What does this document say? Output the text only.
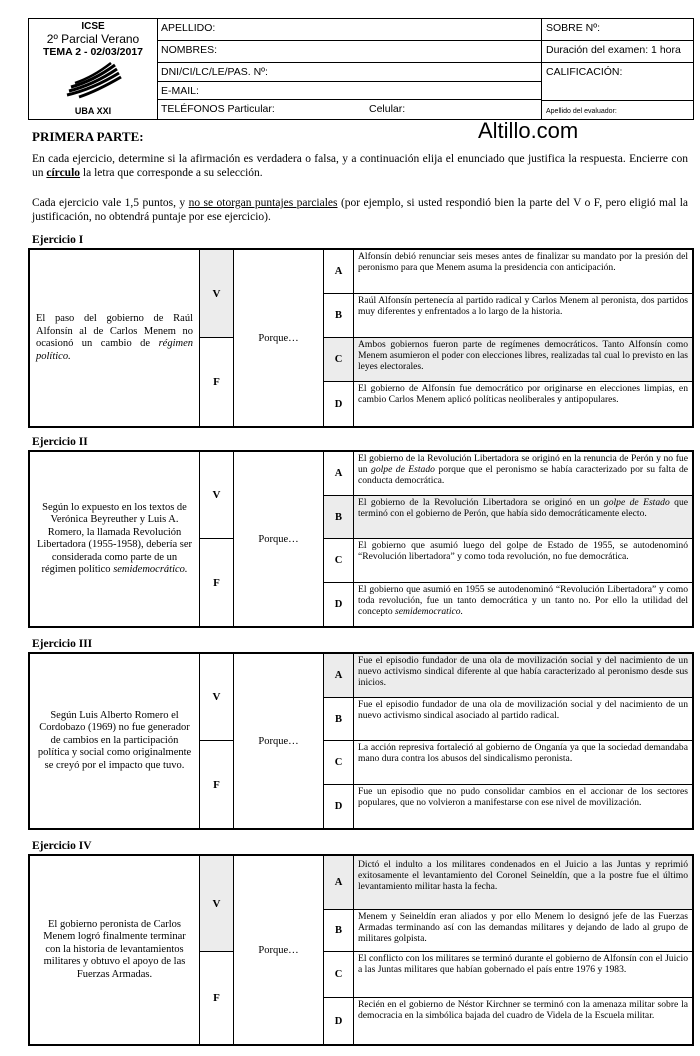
ICSE
2º Parcial Verano
TEMA 2 - 02/03/2017
UBA XXI
APELLIDO:
NOMBRES:
DNI/CI/LC/LE/PAS. Nº:
E-MAIL:
TELÉFONOS Particular:	Celular:
SOBRE Nº:
Duración del examen: 1 hora
CALIFICACIÓN:
Apellido del evaluador:
Altillo.com
PRIMERA PARTE:
En cada ejercicio, determine si la afirmación es verdadera o falsa, y a continuación elija el enunciado que justifica la respuesta. Encierre con un círculo la letra que corresponde a su selección.
Cada ejercicio vale 1,5 puntos, y no se otorgan puntajes parciales (por ejemplo, si usted respondió bien la parte del V o F, pero eligió mal la justificación, no obtendrá puntaje por ese ejercicio).
Ejercicio I
El paso del gobierno de Raúl Alfonsín al de Carlos Menem no ocasionó un cambio de régimen político.
V
F
Porque…
A
Alfonsín debió renunciar seis meses antes de finalizar su mandato por la presión del peronismo para que Menem asuma la presidencia con anticipación.
B
Raúl Alfonsín pertenecía al partido radical y Carlos Menem al peronista, dos partidos muy diferentes y enfrentados a lo largo de la historia.
C
Ambos gobiernos fueron parte de regímenes democráticos. Tanto Alfonsín como Menem asumieron el poder con elecciones libres, realizadas tal cual lo previsto en las leyes electorales.
D
El gobierno de Alfonsín fue democrático por originarse en elecciones limpias, en cambio Carlos Menem aplicó políticas neoliberales y antipopulares.
Ejercicio II
Según lo expuesto en los textos de Verónica Beyreuther y Luis A. Romero, la llamada Revolución Libertadora (1955-1958), debería ser considerada como parte de un régimen político semidemocrático.
V
F
Porque…
A
El gobierno de la Revolución Libertadora se originó en la renuncia de Perón y no fue un golpe de Estado porque que el peronismo se había caracterizado por su falta de conducta democrática.
B
El gobierno de la Revolución Libertadora se originó en un golpe de Estado que terminó con el gobierno de Perón, que había sido democráticamente electo.
C
El gobierno que asumió luego del golpe de Estado de 1955, se autodenominó “Revolución libertadora” y como toda revolución, no fue democrática.
D
El gobierno que asumió en 1955 se autodenominó “Revolución Libertadora” y como toda revolución, fue un tanto democrática y un tanto no. Por ello la utilidad del concepto semidemocratico.
Ejercicio III
Según Luis Alberto Romero el Cordobazo (1969) no fue generador de cambios en la participación política y social como originalmente se creyó por el impacto que tuvo.
V
F
Porque…
A
Fue el episodio fundador de una ola de movilización social y del nacimiento de un nuevo activismo sindical diferente al que había caracterizado al peronismo desde sus inicios.
B
Fue el episodio fundador de una ola de movilización social y del nacimiento de un nuevo activismo sindical asociado al partido radical.
C
La acción represiva fortaleció al gobierno de Onganía ya que la sociedad demandaba mano dura contra los abusos del sindicalismo peronista.
D
Fue un episodio que no pudo consolidar cambios en el accionar de los sectores populares, que no volvieron a manifestarse con ese nivel de movilización.
Ejercicio IV
El gobierno peronista de Carlos Menem logró finalmente terminar con la historia de levantamientos militares y obtuvo el apoyo de las Fuerzas Armadas.
V
F
Porque…
A
Dictó el indulto a los militares condenados en el Juicio a las Juntas y reprimió exitosamente el levantamiento del Coronel Seineldín, que a la postre fue el último levantamiento militar hasta la fecha.
B
Menem y Seineldín eran aliados y por ello Menem lo designó jefe de las Fuerzas Armadas terminando así con las demandas militares y dejando de lado al grupo de militares golpista.
C
El conflicto con los militares se terminó durante el gobierno de Alfonsín con el Juicio a las Juntas militares que habían gobernado el país entre 1976 y 1983.
D
Recién en el gobierno de Néstor Kirchner se terminó con la amenaza militar sobre la democracia en la simbólica bajada del cuadro de Videla de la Escuela militar.
